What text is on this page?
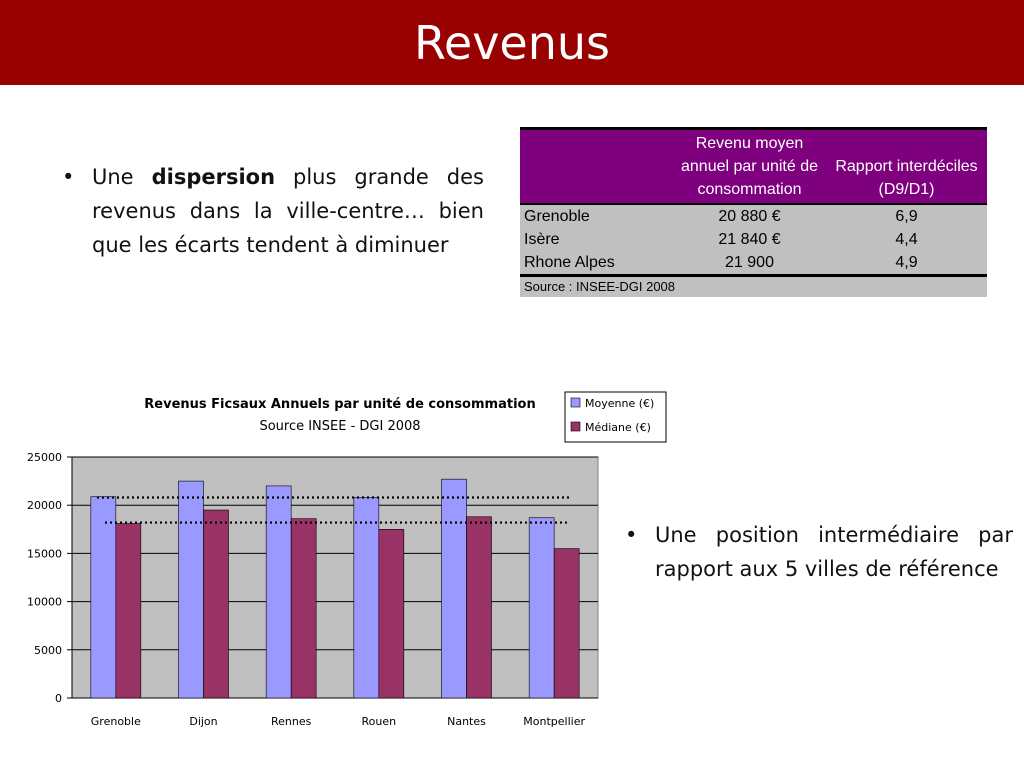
Revenus
• Une dispersion plus grande des revenus dans la ville-centre… bien que les écarts tendent à diminuer
	Revenu moyen annuel par unité de consommation	Rapport interdéciles (D9/D1)
Grenoble	20 880 €	6,9
Isère	21 840 €	4,4
Rhone Alpes	21 900	4,9
Source : INSEE-DGI 2008		
Revenus Ficsaux Annuels par unité de consommation
Source INSEE - DGI 2008
Moyenne (€)
Médiane (€)
0
5000
10000
15000
20000
25000
Grenoble	Dijon	Rennes	Rouen	Nantes	Montpellier
• Une position intermédiaire par rapport aux 5 villes de référence
